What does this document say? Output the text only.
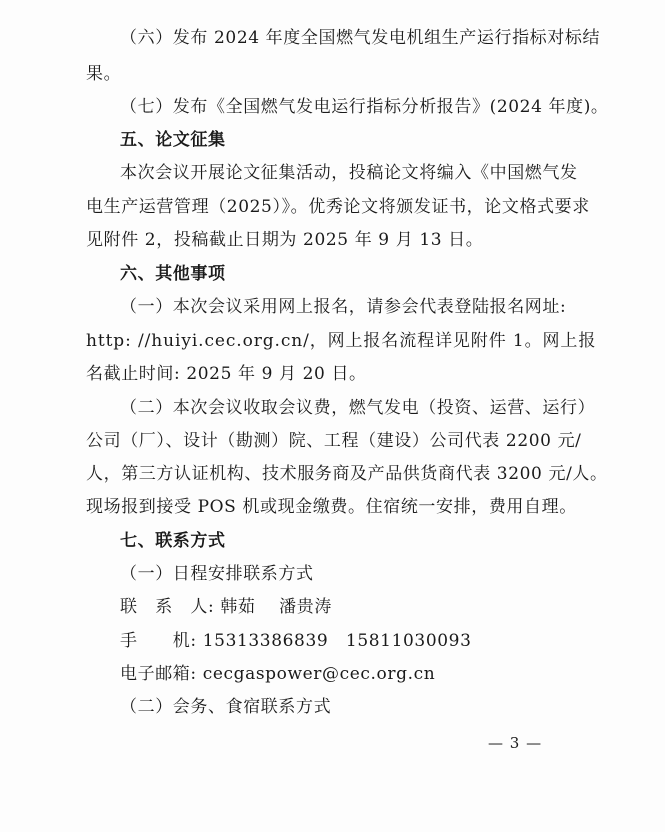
（六）发布 2024 年度全国燃气发电机组生产运行指标对标结
果。
（七）发布《全国燃气发电运行指标分析报告》(2024 年度)。
五、论文征集
本次会议开展论文征集活动，投稿论文将编入《中国燃气发
电生产运营管理（2025）》。优秀论文将颁发证书，论文格式要求
见附件 2，投稿截止日期为 2025 年 9 月 13 日。
六、其他事项
（一）本次会议采用网上报名，请参会代表登陆报名网址:
http: //huiyi.cec.org.cn/，网上报名流程详见附件 1。网上报
名截止时间: 2025 年 9 月 20 日。
（二）本次会议收取会议费，燃气发电（投资、运营、运行）
公司（厂）、设计（勘测）院、工程（建设）公司代表 2200 元/
人，第三方认证机构、技术服务商及产品供货商代表 3200 元/人。
现场报到接受 POS 机或现金缴费。住宿统一安排，费用自理。
七、联系方式
（一）日程安排联系方式
联　系　人: 韩茹　 潘贵涛
手　　机: 15313386839　15811030093
电子邮箱: cecgaspower@cec.org.cn
（二）会务、食宿联系方式
— 3 —
